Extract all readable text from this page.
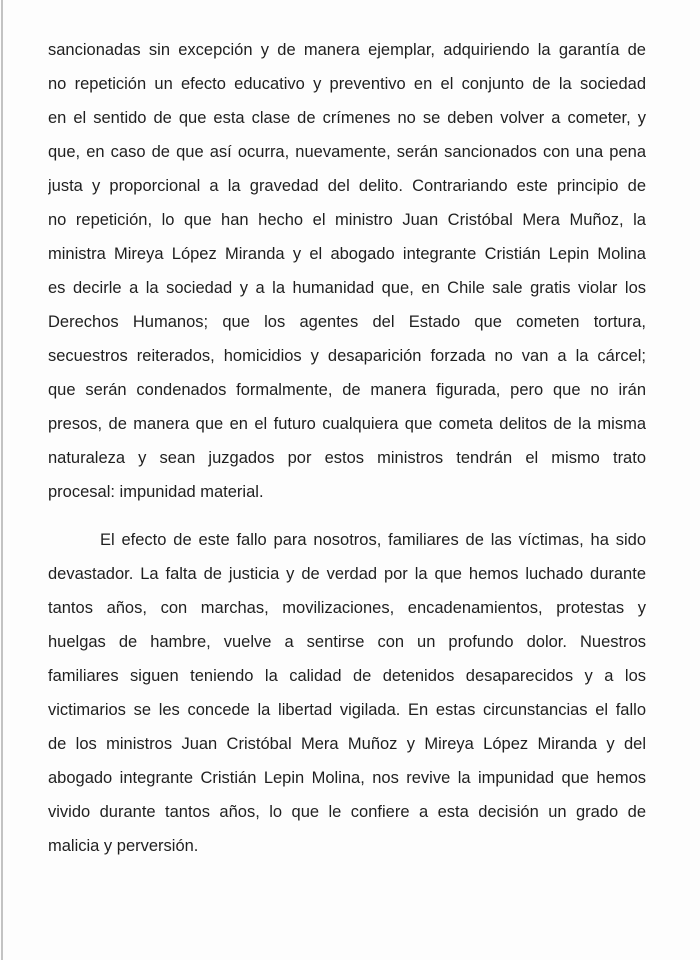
sancionadas sin excepción y de manera ejemplar, adquiriendo la garantía de
no repetición un efecto educativo y preventivo en el conjunto de la sociedad
en el sentido de que esta clase de crímenes no se deben volver a cometer, y
que, en caso de que así ocurra, nuevamente, serán sancionados con una pena
justa y proporcional a la gravedad del delito. Contrariando este principio de
no repetición, lo que han hecho el ministro Juan Cristóbal Mera Muñoz, la
ministra Mireya López Miranda y el abogado integrante Cristián Lepin Molina
es decirle a la sociedad y a la humanidad que, en Chile sale gratis violar los
Derechos Humanos; que los agentes del Estado que cometen tortura,
secuestros reiterados, homicidios y desaparición forzada no van a la cárcel;
que serán condenados formalmente, de manera figurada, pero que no irán
presos, de manera que en el futuro cualquiera que cometa delitos de la misma
naturaleza y sean juzgados por estos ministros tendrán el mismo trato
procesal: impunidad material.
El efecto de este fallo para nosotros, familiares de las víctimas, ha sido
devastador. La falta de justicia y de verdad por la que hemos luchado durante
tantos años, con marchas, movilizaciones, encadenamientos, protestas y
huelgas de hambre, vuelve a sentirse con un profundo dolor. Nuestros
familiares siguen teniendo la calidad de detenidos desaparecidos y a los
victimarios se les concede la libertad vigilada. En estas circunstancias el fallo
de los ministros Juan Cristóbal Mera Muñoz y Mireya López Miranda y del
abogado integrante Cristián Lepin Molina, nos revive la impunidad que hemos
vivido durante tantos años, lo que le confiere a esta decisión un grado de
malicia y perversión.
